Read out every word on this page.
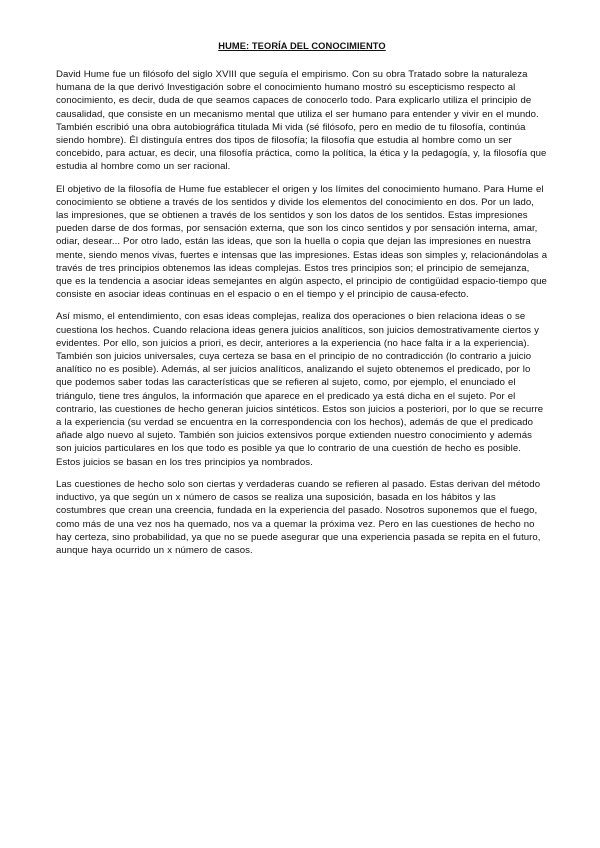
HUME: TEORÍA DEL CONOCIMIENTO

David Hume fue un filósofo del siglo XVIII que seguía el empirismo. Con su obra Tratado sobre la naturaleza humana de la que derivó Investigación sobre el conocimiento humano mostró su escepticismo respecto al conocimiento, es decir, duda de que seamos capaces de conocerlo todo. Para explicarlo utiliza el principio de causalidad, que consiste en un mecanismo mental que utiliza el ser humano para entender y vivir en el mundo. También escribió una obra autobiográfica titulada Mi vida (sé filósofo, pero en medio de tu filosofía, continúa siendo hombre). Él distinguía entres dos tipos de filosofía; la filosofía que estudia al hombre como un ser concebido, para actuar, es decir, una filosofía práctica, como la política, la ética y la pedagogía, y, la filosofía que estudia al hombre como un ser racional.

El objetivo de la filosofía de Hume fue establecer el origen y los límites del conocimiento humano. Para Hume el conocimiento se obtiene a través de los sentidos y divide los elementos del conocimiento en dos. Por un lado, las impresiones, que se obtienen a través de los sentidos y son los datos de los sentidos. Estas impresiones pueden darse de dos formas, por sensación externa, que son los cinco sentidos y por sensación interna, amar, odiar, desear... Por otro lado, están las ideas, que son la huella o copia que dejan las impresiones en nuestra mente, siendo menos vivas, fuertes e intensas que las impresiones. Estas ideas son simples y, relacionándolas a través de tres principios obtenemos las ideas complejas. Estos tres principios son; el principio de semejanza, que es la tendencia a asociar ideas semejantes en algún aspecto, el principio de contigüidad espacio-tiempo que consiste en asociar ideas continuas en el espacio o en el tiempo y el principio de causa-efecto.

Así mismo, el entendimiento, con esas ideas complejas, realiza dos operaciones o bien relaciona ideas o se cuestiona los hechos. Cuando relaciona ideas genera juicios analíticos, son juicios demostrativamente ciertos y evidentes. Por ello, son juicios a priori, es decir, anteriores a la experiencia (no hace falta ir a la experiencia). También son juicios universales, cuya certeza se basa en el principio de no contradicción (lo contrario a juicio analítico no es posible). Además, al ser juicios analíticos, analizando el sujeto obtenemos el predicado, por lo que podemos saber todas las características que se refieren al sujeto, como, por ejemplo, el enunciado el triángulo, tiene tres ángulos, la información que aparece en el predicado ya está dicha en el sujeto. Por el contrario, las cuestiones de hecho generan juicios sintéticos. Estos son juicios a posteriori, por lo que se recurre a la experiencia (su verdad se encuentra en la correspondencia con los hechos), además de que el predicado añade algo nuevo al sujeto. También son juicios extensivos porque extienden nuestro conocimiento y además son juicios particulares en los que todo es posible ya que lo contrario de una cuestión de hecho es posible. Estos juicios se basan en los tres principios ya nombrados.

Las cuestiones de hecho solo son ciertas y verdaderas cuando se refieren al pasado. Estas derivan del método inductivo, ya que según un x número de casos se realiza una suposición, basada en los hábitos y las costumbres que crean una creencia, fundada en la experiencia del pasado. Nosotros suponemos que el fuego, como más de una vez nos ha quemado, nos va a quemar la próxima vez. Pero en las cuestiones de hecho no hay certeza, sino probabilidad, ya que no se puede asegurar que una experiencia pasada se repita en el futuro, aunque haya ocurrido un x número de casos.
